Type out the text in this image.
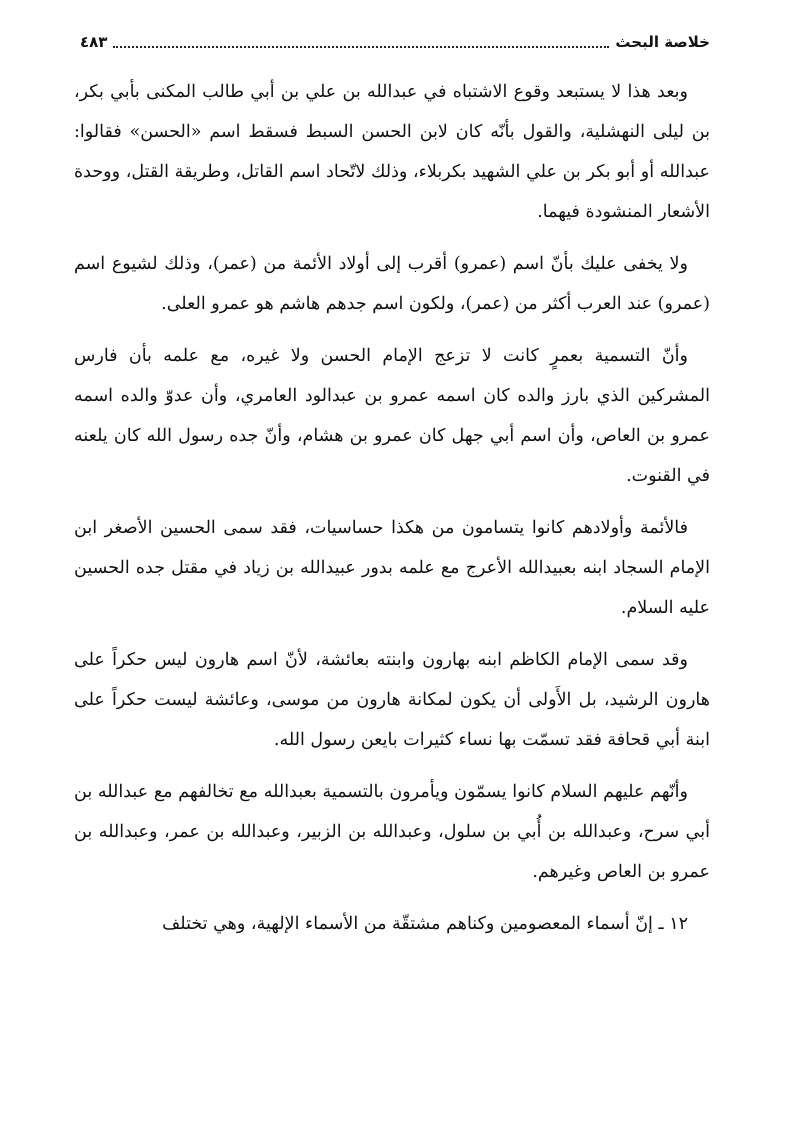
خلاصة البحث
٤٨٣

وبعد هذا لا يستبعد وقوع الاشتباه في عبدالله بن علي بن أبي طالب المكنى بأبي بكر، بن ليلى النهشلية، والقول بأنّه كان لابن الحسن السبط فسقط اسم «الحسن» فقالوا: عبدالله أو أبو بكر بن علي الشهيد بكربلاء، وذلك لاتّحاد اسم القاتل، وطريقة القتل، ووحدة الأشعار المنشودة فيهما.

ولا يخفى عليك بأنّ اسم (عمرو) أقرب إلى أولاد الأئمة من (عمر)، وذلك لشيوع اسم (عمرو) عند العرب أكثر من (عمر)، ولكون اسم جدهم هاشم هو عمرو العلى.

وأنّ التسمية بعمرٍ كانت لا تزعج الإمام الحسن ولا غيره، مع علمه بأن فارس المشركين الذي بارز والده كان اسمه عمرو بن عبدالود العامري، وأن عدوّ والده اسمه عمرو بن العاص، وأن اسم أبي جهل كان عمرو بن هشام، وأنّ جده رسول الله كان يلعنه في القنوت.

فالأئمة وأولادهم كانوا يتسامون من هكذا حساسيات، فقد سمى الحسين الأصغر ابن الإمام السجاد ابنه بعبيدالله الأعرج مع علمه بدور عبيدالله بن زياد في مقتل جده الحسين عليه السلام.

وقد سمى الإمام الكاظم ابنه بهارون وابنته بعائشة، لأنّ اسم هارون ليس حكراً على هارون الرشيد، بل الأَولى أن يكون لمكانة هارون من موسى، وعائشة ليست حكراً على ابنة أبي قحافة فقد تسمّت بها نساء كثيرات بايعن رسول الله.

وأنّهم عليهم السلام كانوا يسمّون ويأمرون بالتسمية بعبدالله مع تخالفهم مع عبدالله بن أبي سرح، وعبدالله بن أُبي بن سلول، وعبدالله بن الزبير، وعبدالله بن عمر، وعبدالله بن عمرو بن العاص وغيرهم.

١٢ ـ إنّ أسماء المعصومين وكناهم مشتقّة من الأسماء الإلهية، وهي تختلف
